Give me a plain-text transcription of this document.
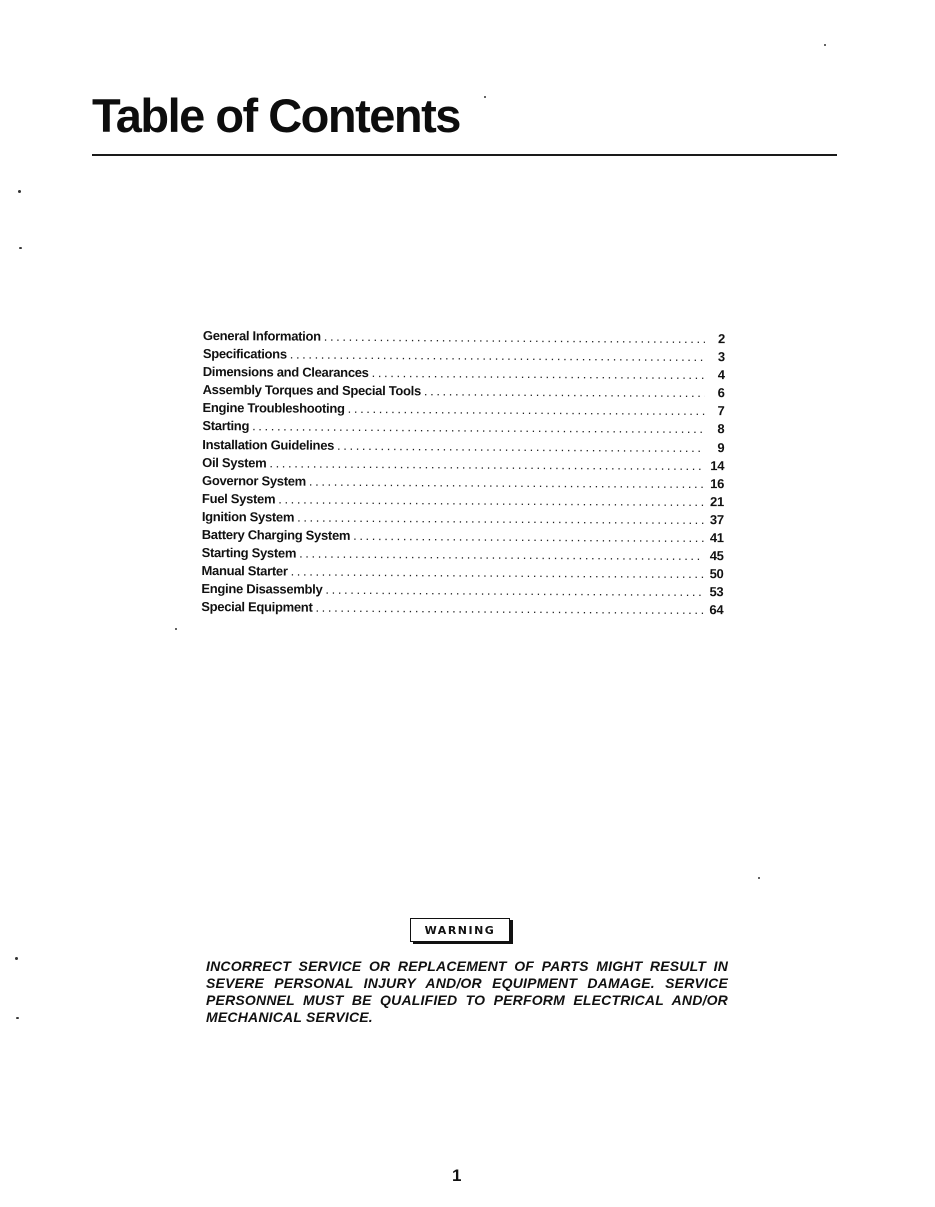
Table of Contents
General Information .....	2
Specifications .....	3
Dimensions and Clearances .....	4
Assembly Torques and Special Tools .....	6
Engine Troubleshooting .....	7
Starting .....	8
Installation Guidelines .....	9
Oil System .....	14
Governor System .....	16
Fuel System .....	21
Ignition System .....	37
Battery Charging System .....	41
Starting System .....	45
Manual Starter .....	50
Engine Disassembly .....	53
Special Equipment .....	64
WARNING

INCORRECT SERVICE OR REPLACEMENT OF PARTS MIGHT RESULT IN SEVERE PERSONAL INJURY AND/OR EQUIPMENT DAMAGE. SERVICE PERSONNEL MUST BE QUALIFIED TO PERFORM ELECTRICAL AND/OR MECHANICAL SERVICE.

1
